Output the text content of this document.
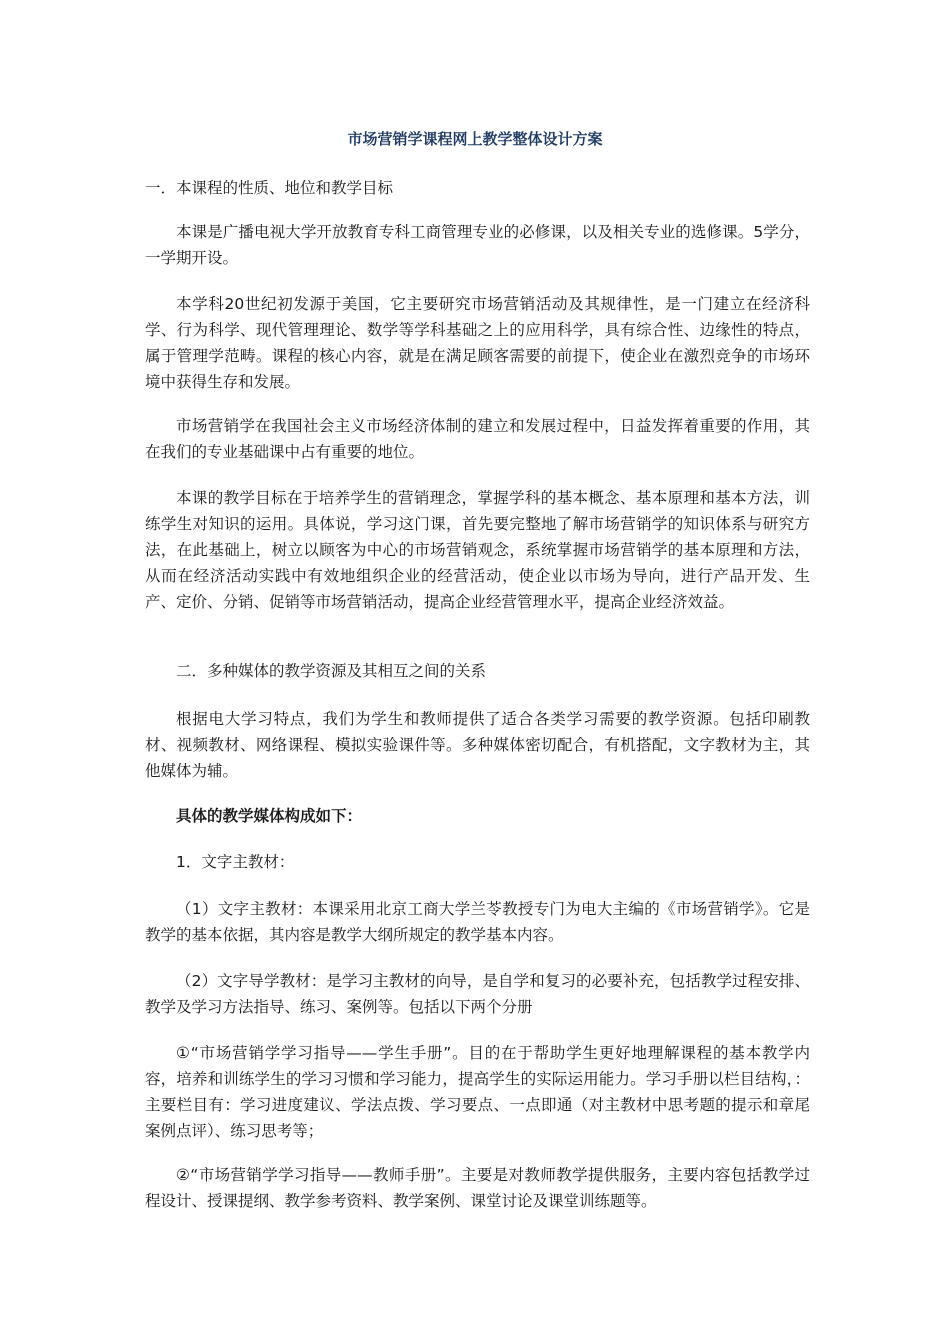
市场营销学课程网上教学整体设计方案

一．本课程的性质、地位和教学目标

本课是广播电视大学开放教育专科工商管理专业的必修课，以及相关专业的选修课。5学分，一学期开设。

本学科20世纪初发源于美国，它主要研究市场营销活动及其规律性，是一门建立在经济科学、行为科学、现代管理理论、数学等学科基础之上的应用科学，具有综合性、边缘性的特点，属于管理学范畴。课程的核心内容，就是在满足顾客需要的前提下，使企业在激烈竞争的市场环境中获得生存和发展。

市场营销学在我国社会主义市场经济体制的建立和发展过程中，日益发挥着重要的作用，其在我们的专业基础课中占有重要的地位。

本课的教学目标在于培养学生的营销理念，掌握学科的基本概念、基本原理和基本方法，训练学生对知识的运用。具体说，学习这门课，首先要完整地了解市场营销学的知识体系与研究方法，在此基础上，树立以顾客为中心的市场营销观念，系统掌握市场营销学的基本原理和方法，从而在经济活动实践中有效地组织企业的经营活动，使企业以市场为导向，进行产品开发、生产、定价、分销、促销等市场营销活动，提高企业经营管理水平，提高企业经济效益。

二．多种媒体的教学资源及其相互之间的关系

根据电大学习特点，我们为学生和教师提供了适合各类学习需要的教学资源。包括印刷教材、视频教材、网络课程、模拟实验课件等。多种媒体密切配合，有机搭配，文字教材为主，其他媒体为辅。

具体的教学媒体构成如下：

1．文字主教材：

（1）文字主教材：本课采用北京工商大学兰苓教授专门为电大主编的《市场营销学》。它是教学的基本依据，其内容是教学大纲所规定的教学基本内容。

（2）文字导学教材：是学习主教材的向导，是自学和复习的必要补充，包括教学过程安排、教学及学习方法指导、练习、案例等。包括以下两个分册

①“市场营销学学习指导——学生手册”。目的在于帮助学生更好地理解课程的基本教学内容，培养和训练学生的学习习惯和学习能力，提高学生的实际运用能力。学习手册以栏目结构，：主要栏目有：学习进度建议、学法点拨、学习要点、一点即通（对主教材中思考题的提示和章尾案例点评）、练习思考等；

②“市场营销学学习指导——教师手册”。主要是对教师教学提供服务，主要内容包括教学过程设计、授课提纲、教学参考资料、教学案例、课堂讨论及课堂训练题等。
